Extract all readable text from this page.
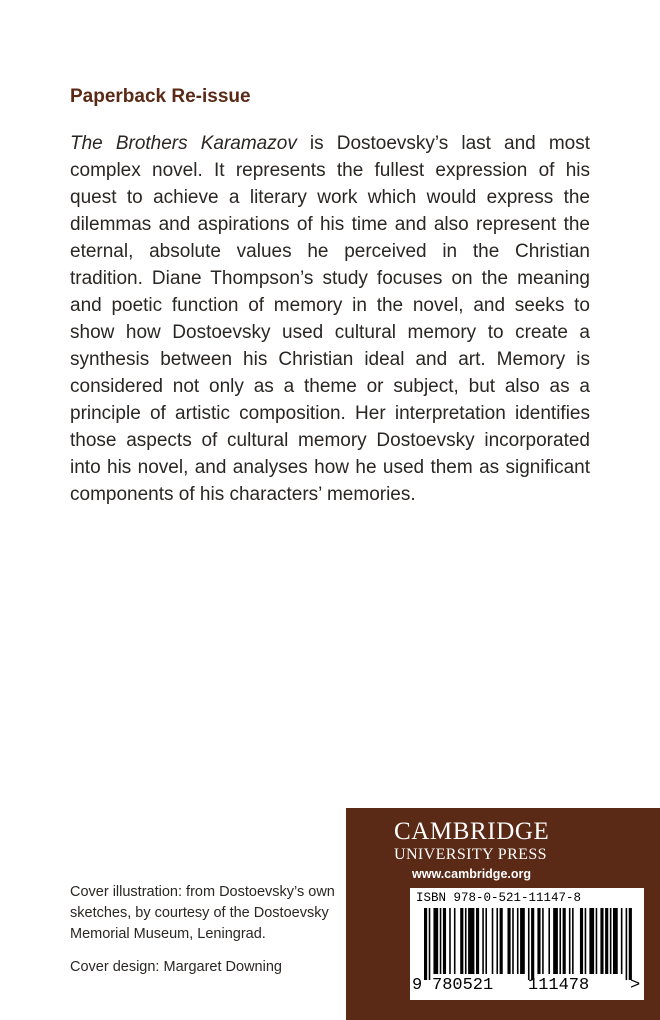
Paperback Re-issue
The Brothers Karamazov is Dostoevsky’s last and most complex novel. It represents the fullest expression of his quest to achieve a literary work which would express the dilemmas and aspirations of his time and also represent the eternal, absolute values he perceived in the Christian tradition. Diane Thompson’s study focuses on the meaning and poetic function of memory in the novel, and seeks to show how Dostoevsky used cultural memory to create a synthesis between his Christian ideal and art. Memory is considered not only as a theme or subject, but also as a principle of artistic composition. Her interpretation identifies those aspects of cultural memory Dostoevsky incorporated into his novel, and analyses how he used them as significant components of his characters’ memories.

Cover illustration: from Dostoevsky’s own sketches, by courtesy of the Dostoevsky Memorial Museum, Leningrad.

Cover design: Margaret Downing

CAMBRIDGE
UNIVERSITY PRESS
www.cambridge.org
ISBN 978-0-521-11147-8
9 780521 111478 >
